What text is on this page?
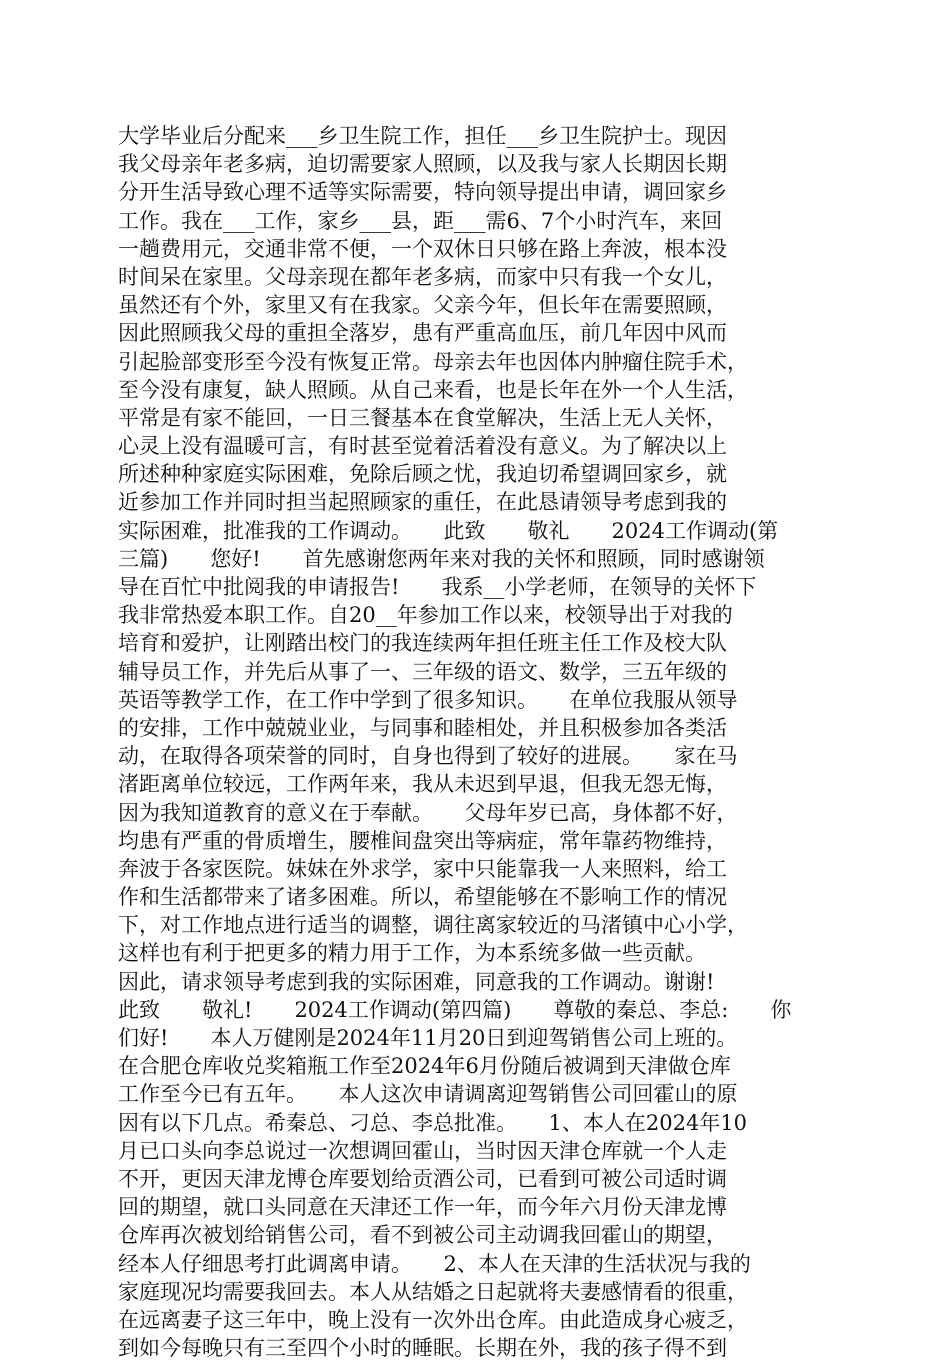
大学毕业后分配来___乡卫生院工作，担任___乡卫生院护士。现因
我父母亲年老多病，迫切需要家人照顾，以及我与家人长期因长期
分开生活导致心理不适等实际需要，特向领导提出申请，调回家乡
工作。我在___工作，家乡___县，距___需6、7个小时汽车，来回
一趟费用元，交通非常不便，一个双休日只够在路上奔波，根本没
时间呆在家里。父母亲现在都年老多病，而家中只有我一个女儿，
虽然还有个外，家里又有在我家。父亲今年，但长年在需要照顾，
因此照顾我父母的重担全落岁，患有严重高血压，前几年因中风而
引起脸部变形至今没有恢复正常。母亲去年也因体内肿瘤住院手术，
至今没有康复，缺人照顾。从自己来看，也是长年在外一个人生活，
平常是有家不能回，一日三餐基本在食堂解决，生活上无人关怀，
心灵上没有温暖可言，有时甚至觉着活着没有意义。为了解决以上
所述种种家庭实际困难，免除后顾之忧，我迫切希望调回家乡，就
近参加工作并同时担当起照顾家的重任，在此恳请领导考虑到我的
实际困难，批准我的工作调动。　　此致　　敬礼　　2024工作调动(第
三篇)　　您好!　　首先感谢您两年来对我的关怀和照顾，同时感谢领
导在百忙中批阅我的申请报告!　　我系__小学老师，在领导的关怀下
我非常热爱本职工作。自20__年参加工作以来，校领导出于对我的
培育和爱护，让刚踏出校门的我连续两年担任班主任工作及校大队
辅导员工作，并先后从事了一、三年级的语文、数学，三五年级的
英语等教学工作，在工作中学到了很多知识。　　在单位我服从领导
的安排，工作中兢兢业业，与同事和睦相处，并且积极参加各类活
动，在取得各项荣誉的同时，自身也得到了较好的进展。　　家在马
渚距离单位较远，工作两年来，我从未迟到早退，但我无怨无悔，
因为我知道教育的意义在于奉献。　　父母年岁已高，身体都不好，
均患有严重的骨质增生，腰椎间盘突出等病症，常年靠药物维持，
奔波于各家医院。妹妹在外求学，家中只能靠我一人来照料，给工
作和生活都带来了诸多困难。所以，希望能够在不影响工作的情况
下，对工作地点进行适当的调整，调往离家较近的马渚镇中心小学，
这样也有利于把更多的精力用于工作，为本系统多做一些贡献。
因此，请求领导考虑到我的实际困难，同意我的工作调动。谢谢!
此致　　敬礼!　　2024工作调动(第四篇)　　尊敬的秦总、李总:　　你
们好!　　本人万健刚是2024年11月20日到迎驾销售公司上班的。
在合肥仓库收兑奖箱瓶工作至2024年6月份随后被调到天津做仓库
工作至今已有五年。　　本人这次申请调离迎驾销售公司回霍山的原
因有以下几点。希秦总、刁总、李总批准。　　1、本人在2024年10
月已口头向李总说过一次想调回霍山，当时因天津仓库就一个人走
不开，更因天津龙博仓库要划给贡酒公司，已看到可被公司适时调
回的期望，就口头同意在天津还工作一年，而今年六月份天津龙博
仓库再次被划给销售公司，看不到被公司主动调我回霍山的期望，
经本人仔细思考打此调离申请。　　2、本人在天津的生活状况与我的
家庭现况均需要我回去。本人从结婚之日起就将夫妻感情看的很重，
在远离妻子这三年中，晚上没有一次外出仓库。由此造成身心疲乏，
到如今每晚只有三至四个小时的睡眠。长期在外，我的孩子得不到
